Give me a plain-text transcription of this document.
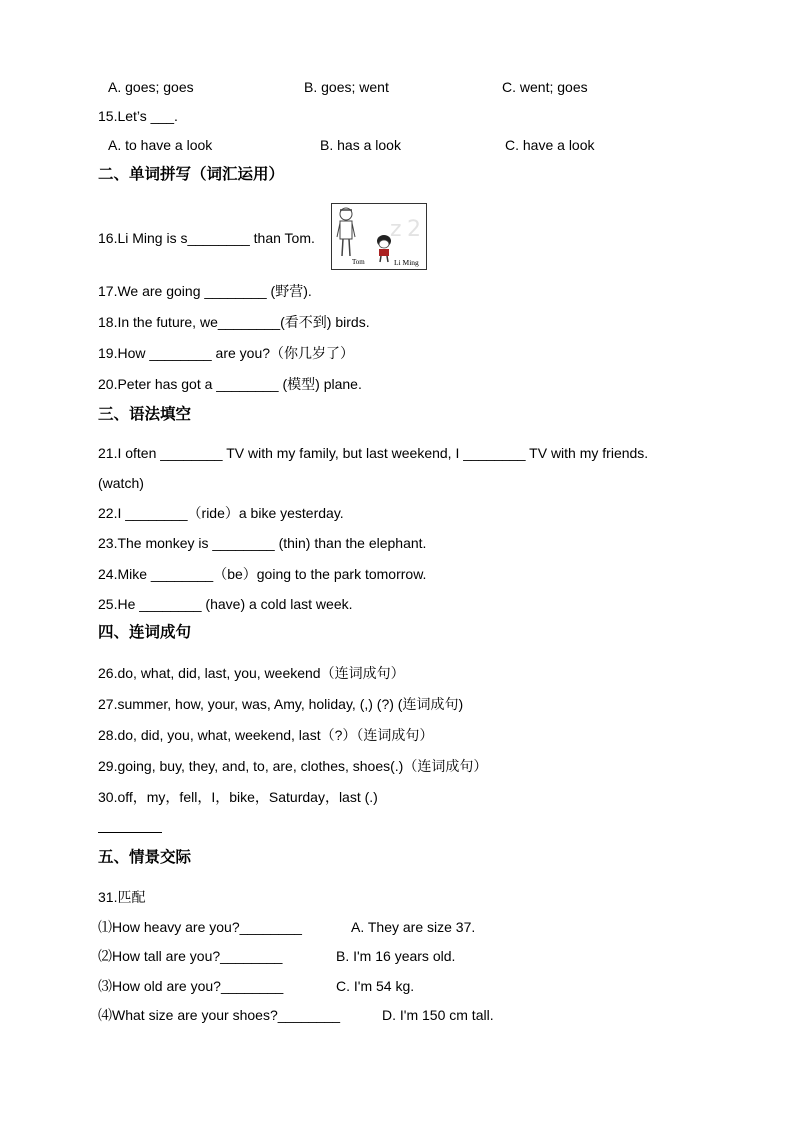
A. goes; goes	B. goes; went	C. went; goes
15.Let’s ___.
A. to have a look	B. has a look	C. have a look
二、单词拼写（词汇运用）
16.Li Ming is s________ than Tom.	z 2
Tom	Li Ming
17.We are going ________ (野营).
18.In the future, we________(看不到) birds.
19.How ________ are you?（你几岁了）
20.Peter has got a ________ (模型) plane.
三、语法填空
21.I often ________ TV with my family, but last weekend, I ________ TV with my friends.
(watch)
22.I ________（ride）a bike yesterday.
23.The monkey is ________ (thin) than the elephant.
24.Mike ________（be）going to the park tomorrow.
25.He ________ (have) a cold last week.
四、连词成句
26.do, what, did, last, you, weekend（连词成句）
27.summer, how, your, was, Amy, holiday, (,) (?) (连词成句)
28.do, did, you, what, weekend, last（?）（连词成句）
29.going, buy, they, and, to, are, clothes, shoes(.)（连词成句）
30.off，my，fell，I，bike，Saturday，last (.)
五、情景交际
31.匹配
⑴How heavy are you?________	A. They are size 37.
⑵How tall are you?________	B. I'm 16 years old.
⑶How old are you?________	C. I'm 54 kg.
⑷What size are your shoes?________	D. I'm 150 cm tall.
